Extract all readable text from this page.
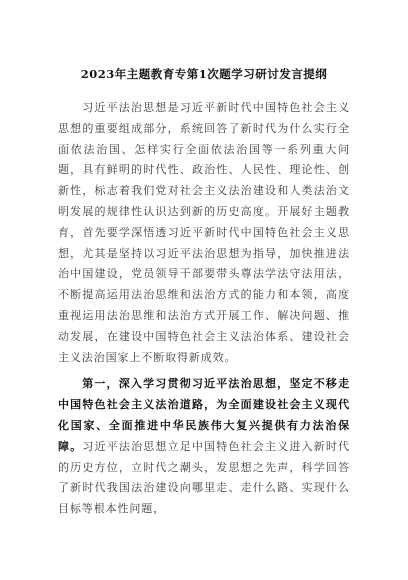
2023年主题教育专第1次题学习研讨发言提纲

习近平法治思想是习近平新时代中国特色社会主义思想的重要组成部分，系统回答了新时代为什么实行全面依法治国、怎样实行全面依法治国等一系列重大问题，具有鲜明的时代性、政治性、人民性、理论性、创新性，标志着我们党对社会主义法治建设和人类法治文明发展的规律性认识达到新的历史高度。开展好主题教育，首先要学深悟透习近平新时代中国特色社会主义思想，尤其是坚持以习近平法治思想为指导，加快推进法治中国建设，党员领导干部要带头尊法学法守法用法，不断提高运用法治思维和法治方式的能力和本领，高度重视运用法治思维和法治方式开展工作、解决问题、推动发展，在建设中国特色社会主义法治体系、建设社会主义法治国家上不断取得新成效。

第一，深入学习贯彻习近平法治思想，坚定不移走中国特色社会主义法治道路，为全面建设社会主义现代化国家、全面推进中华民族伟大复兴提供有力法治保障。习近平法治思想立足中国特色社会主义进入新时代的历史方位，立时代之潮头，发思想之先声，科学回答了新时代我国法治建设向哪里走、走什么路、实现什么目标等根本性问题，
